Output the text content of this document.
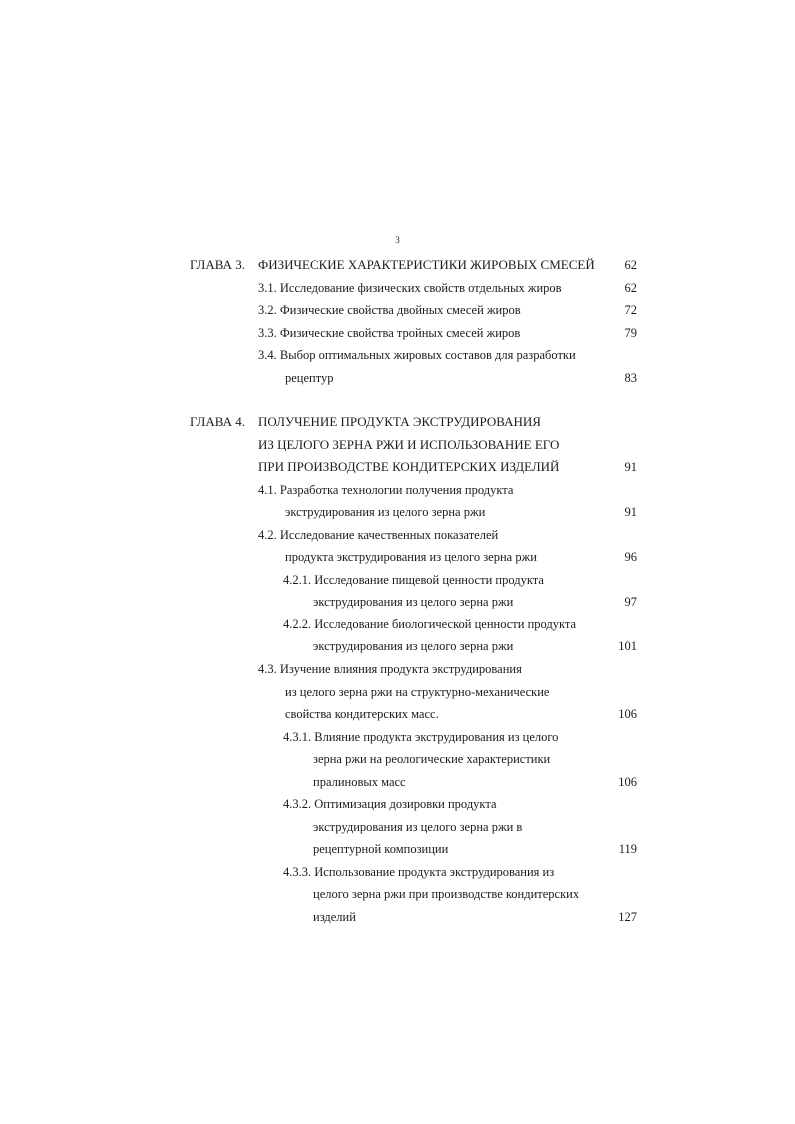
3
ГЛАВА 3. ФИЗИЧЕСКИЕ ХАРАКТЕРИСТИКИ ЖИРОВЫХ СМЕСЕЙ 62
3.1. Исследование физических свойств отдельных жиров	62
3.2. Физические свойства двойных смесей жиров	72
3.3. Физические свойства тройных смесей жиров	79
3.4. Выбор оптимальных жировых составов для разработки
рецептур	83
ГЛАВА 4. ПОЛУЧЕНИЕ ПРОДУКТА ЭКСТРУДИРОВАНИЯ
ИЗ ЦЕЛОГО ЗЕРНА РЖИ И ИСПОЛЬЗОВАНИЕ ЕГО
ПРИ ПРОИЗВОДСТВЕ КОНДИТЕРСКИХ ИЗДЕЛИЙ	91
4.1. Разработка технологии получения продукта
экструдирования из целого зерна ржи	91
4.2. Исследование качественных показателей
продукта экструдирования из целого зерна ржи	96
4.2.1. Исследование пищевой ценности продукта
экструдирования из целого зерна ржи	97
4.2.2. Исследование биологической ценности продукта
экструдирования из целого зерна ржи	101
4.3. Изучение влияния продукта экструдирования
из целого зерна ржи на структурно-механические
свойства кондитерских масс.	106
4.3.1. Влияние продукта экструдирования из целого
зерна ржи на реологические характеристики
пралиновых масс	106
4.3.2. Оптимизация дозировки продукта
экструдирования из целого зерна ржи в
рецептурной композиции	119
4.3.3. Использование продукта экструдирования из
целого зерна ржи при производстве кондитерских
изделий	127
